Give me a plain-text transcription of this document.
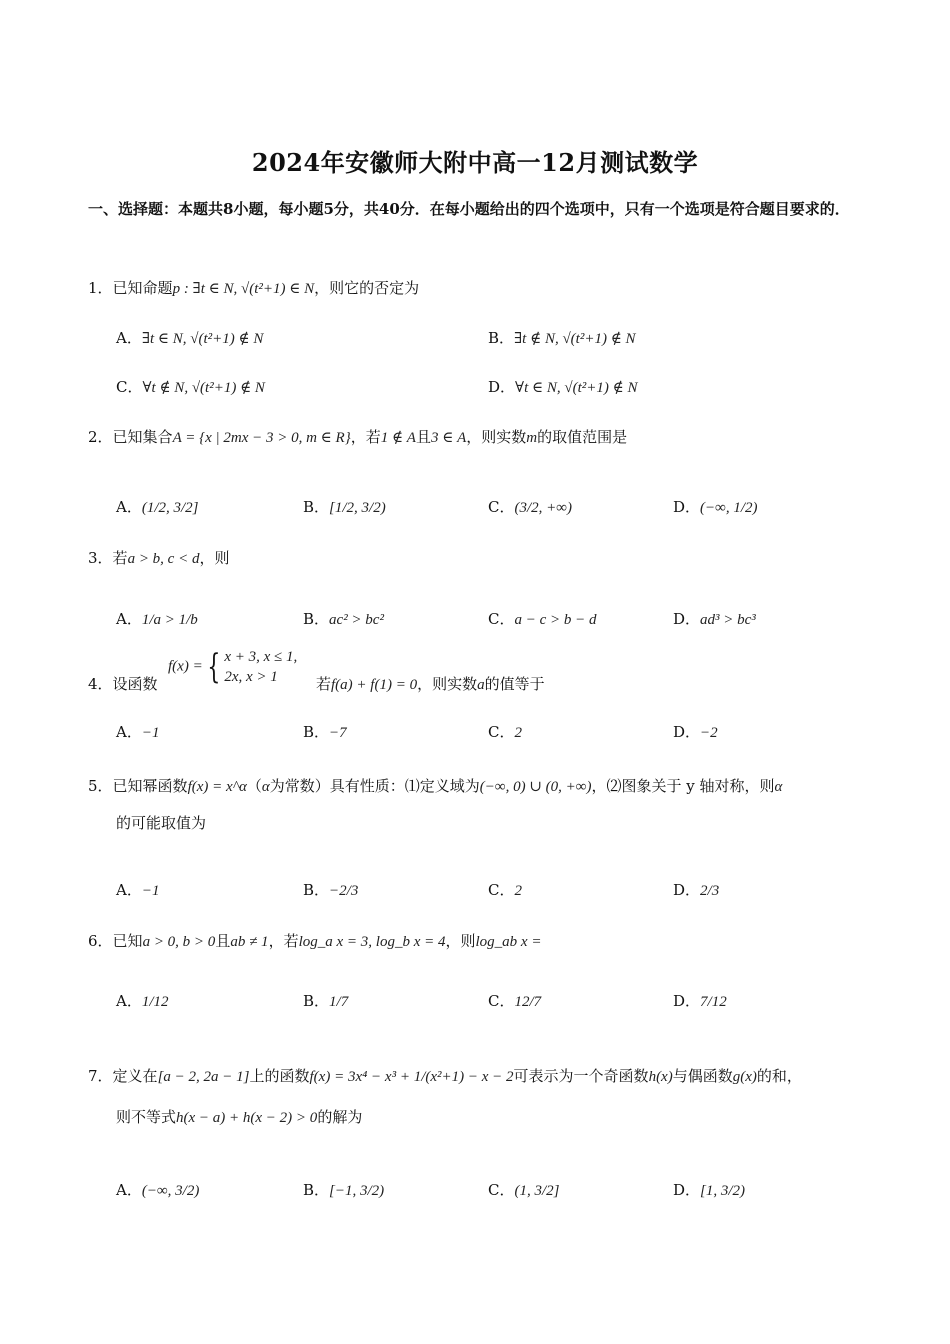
2024年安徽师大附中高一12月测试数学
一、选择题：本题共8小题，每小题5分，共40分．在每小题给出的四个选项中，只有一个选项是符合题目要求的．
1．已知命题p : ∃t ∈ N, √(t²+1) ∈ N，则它的否定为
A．∃t ∈ N, √(t²+1) ∉ N	B．∃t ∉ N, √(t²+1) ∉ N
C．∀t ∉ N, √(t²+1) ∉ N	D．∀t ∈ N, √(t²+1) ∉ N
2．已知集合A = {x | 2mx − 3 > 0, m ∈ R}，若1 ∉ A且3 ∈ A，则实数m的取值范围是
A．(1/2, 3/2]	B．[1/2, 3/2)	C．(3/2, +∞)	D．(−∞, 1/2)
3．若a > b, c < d，则
A．1/a > 1/b	B．ac² > bc²	C．a − c > b − d	D．ad³ > bc³
4．设函数
f(x) = { x + 3, x ≤ 1,
2x, x > 1	若f(a) + f(1) = 0，则实数a的值等于
A．−1	B．−7	C．2	D．−2
5．已知幂函数f(x) = x^α（α为常数）具有性质：⑴定义域为(−∞, 0) ∪ (0, +∞)，⑵图象关于 y 轴对称，则α
的可能取值为
A．−1	B．−2/3	C．2	D．2/3
6．已知a > 0, b > 0且ab ≠ 1，若log_a x = 3, log_b x = 4，则log_ab x =
A．1/12	B．1/7	C．12/7	D．7/12
7．定义在[a − 2, 2a − 1]上的函数f(x) = 3x⁴ − x³ + 1/(x²+1) − x − 2可表示为一个奇函数h(x)与偶函数g(x)的和，
则不等式h(x − a) + h(x − 2) > 0的解为
A．(−∞, 3/2)	B．[−1, 3/2)	C．(1, 3/2]	D．[1, 3/2)
